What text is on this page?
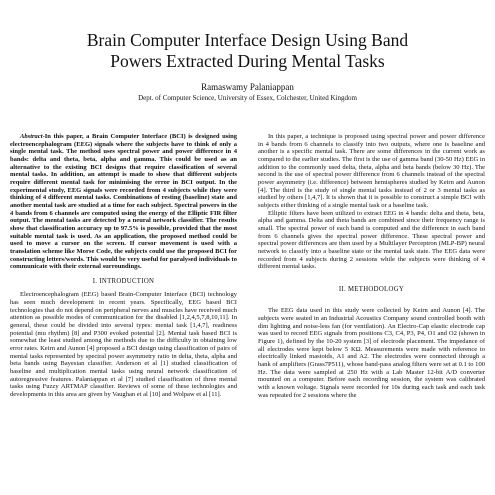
Brain Computer Interface Design Using Band
Powers Extracted During Mental Tasks
Ramaswamy Palaniappan
Dept. of Computer Science, University of Essex, Colchester, United Kingdom

Abstract-In this paper, a Brain Computer Interface (BCI) is designed using electroencephalogram (EEG) signals where the subjects have to think of only a single mental task. The method uses spectral power and power difference in 4 bands: delta and theta, beta, alpha and gamma. This could be used as an alternative to the existing BCI designs that require classification of several mental tasks. In addition, an attempt is made to show that different subjects require different mental task for minimising the error in BCI output. In the experimental study, EEG signals were recorded from 4 subjects while they were thinking of 4 different mental tasks. Combinations of resting (baseline) state and another mental task are studied at a time for each subject. Spectral powers in the 4 bands from 6 channels are computed using the energy of the Elliptic FIR filter output. The mental tasks are detected by a neural network classifier. The results show that classification accuracy up to 97.5% is possible, provided that the most suitable mental task is used. As an application, the proposed method could be used to move a cursor on the screen. If cursor movement is used with a translation scheme like Morse Code, the subjects could use the proposed BCI for constructing letters/words. This would be very useful for paralysed individuals to communicate with their external surroundings.

I. INTRODUCTION

Electroencephalogram (EEG) based Brain-Computer Interface (BCI) technology has seen much development in recent years. Specifically, EEG based BCI technologies that do not depend on peripheral nerves and muscles have received much attention as possible modes of communication for the disabled [1,2,4,5,7,8,10,11]. In general, these could be divided into several types: mental task [1,4,7], readiness potential (mu rhythm) [8] and P300 evoked potential [2]. Mental task based BCI is somewhat the least studied among the methods due to the difficulty in obtaining low error rates. Keirn and Aunon [4] proposed a BCI design using classification of pairs of mental tasks represented by spectral power asymmetry ratio in delta, theta, alpha and beta bands using Bayesian classifier. Anderson et al [1] studied classification of baseline and multiplication mental tasks using neural network classification of autoregressive features. Palaniappan et al [7] studied classification of three mental tasks using Fuzzy ARTMAP classifier. Reviews of some of these technologies and developments in this area are given by Vaughan et al [10] and Wolpaw et al [11].

In this paper, a technique is proposed using spectral power and power difference in 4 bands from 6 channels to classify into two outputs, where one is baseline and another is a specific mental task. There are some differences in the current work as compared to the earlier studies. The first is the use of gamma band (30-50 Hz) EEG in addition to the commonly used delta, theta, alpha and beta bands (below 30 Hz). The second is the use of spectral power difference from 6 channels instead of the spectral power asymmetry (i.e. difference) between hemispheres studied by Keirn and Aunon [4]. The third is the study of single mental tasks instead of 2 or 3 mental tasks as studied by others [1,4,7]. It is shown that it is possible to construct a simple BCI with subjects either thinking of a single mental task or a baseline task.

Elliptic filters have been utilized to extract EEG in 4 bands: delta and theta, beta, alpha and gamma. Delta and theta bands are combined since their frequency range is small. The spectral power of each band is computed and the difference in each band from 6 channels gives the spectral power difference. These spectral power and spectral power differences are then used by a Multilayer Perceptron (MLP-BP) neural network to classify into a baseline state or the mental task state. The EEG data were recorded from 4 subjects during 2 sessions while the subjects were thinking of 4 different mental tasks.

II. METHODOLOGY

The EEG data used in this study were collected by Keirn and Aunon [4]. The subjects were seated in an Industrial Acoustics Company sound controlled booth with dim lighting and noise-less fan (for ventilation). An Electro-Cap elastic electrode cap was used to record EEG signals from positions C3, C4, P3, P4, O1 and O2 (shown in Figure 1), defined by the 10-20 system [3] of electrode placement. The impedance of all electrodes were kept below 5 KΩ. Measurements were made with reference to electrically linked mastoids, A1 and A2. The electrodes were connected through a bank of amplifiers (Grass7P511), whose band-pass analog filters were set at 0.1 to 100 Hz. The data were sampled at 250 Hz with a Lab Master 12-bit A/D converter mounted on a computer. Before each recording session, the system was calibrated with a known voltage. Signals were recorded for 10s during each task and each task was repeated for 2 sessions where the
